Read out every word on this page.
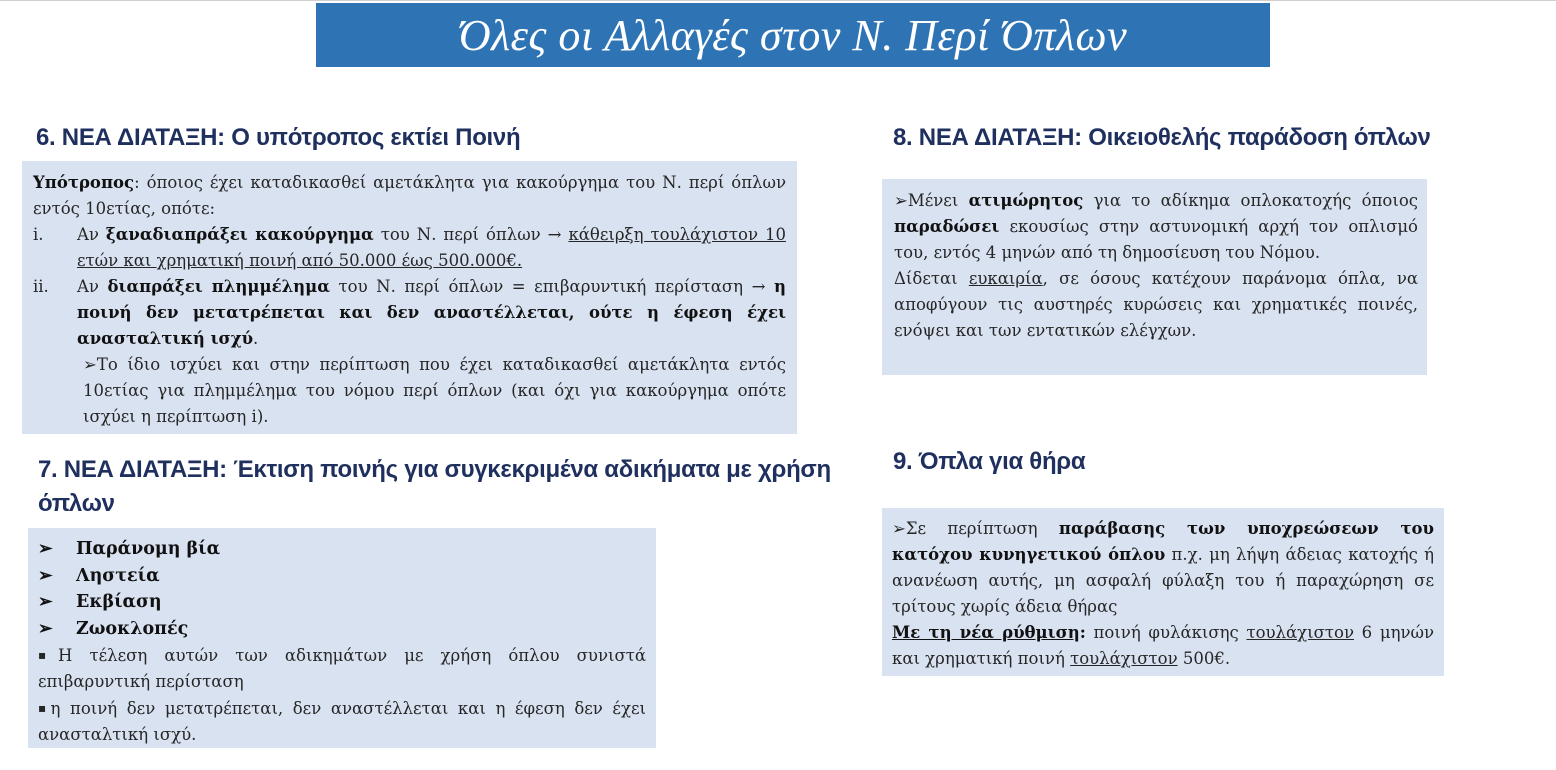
Όλες οι Αλλαγές στον Ν. Περί Όπλων
6. ΝΕΑ ΔΙΑΤΑΞΗ: Ο υπότροπος εκτίει Ποινή
Υπότροπος: όποιος έχει καταδικασθεί αμετάκλητα για κακούργημα του Ν. περί όπλων εντός 10ετίας, οπότε:
i.	Αν ξαναδιαπράξει κακούργημα του Ν. περί όπλων → κάθειρξη τουλάχιστον 10 ετών και χρηματική ποινή από 50.000 έως 500.000€.
ii.	Αν διαπράξει πλημμέλημα του Ν. περί όπλων = επιβαρυντική περίσταση → η ποινή δεν μετατρέπεται και δεν αναστέλλεται, ούτε η έφεση έχει ανασταλτική ισχύ.
➢Το ίδιο ισχύει και στην περίπτωση που έχει καταδικασθεί αμετάκλητα εντός 10ετίας για πλημμέλημα του νόμου περί όπλων (και όχι για κακούργημα οπότε ισχύει η περίπτωση i).
7. ΝΕΑ ΔΙΑΤΑΞΗ: Έκτιση ποινής για συγκεκριμένα αδικήματα με χρήση όπλων
➢	Παράνομη βία
➢	Ληστεία
➢	Εκβίαση
➢	Ζωοκλοπές
▪Η τέλεση αυτών των αδικημάτων με χρήση όπλου συνιστά επιβαρυντική περίσταση
▪η ποινή δεν μετατρέπεται, δεν αναστέλλεται και η έφεση δεν έχει ανασταλτική ισχύ.
8. ΝΕΑ ΔΙΑΤΑΞΗ: Οικειοθελής παράδοση όπλων
➢Μένει ατιμώρητος για το αδίκημα οπλοκατοχής όποιος παραδώσει εκουσίως στην αστυνομική αρχή τον οπλισμό του, εντός 4 μηνών από τη δημοσίευση του Νόμου.
Δίδεται ευκαιρία, σε όσους κατέχουν παράνομα όπλα, να αποφύγουν τις αυστηρές κυρώσεις και χρηματικές ποινές, ενόψει και των εντατικών ελέγχων.
9. Όπλα για θήρα
➢Σε περίπτωση παράβασης των υποχρεώσεων του κατόχου κυνηγετικού όπλου π.χ. μη λήψη άδειας κατοχής ή ανανέωση αυτής, μη ασφαλή φύλαξη του ή παραχώρηση σε τρίτους χωρίς άδεια θήρας
Με τη νέα ρύθμιση: ποινή φυλάκισης τουλάχιστον 6 μηνών και χρηματική ποινή τουλάχιστον 500€.
